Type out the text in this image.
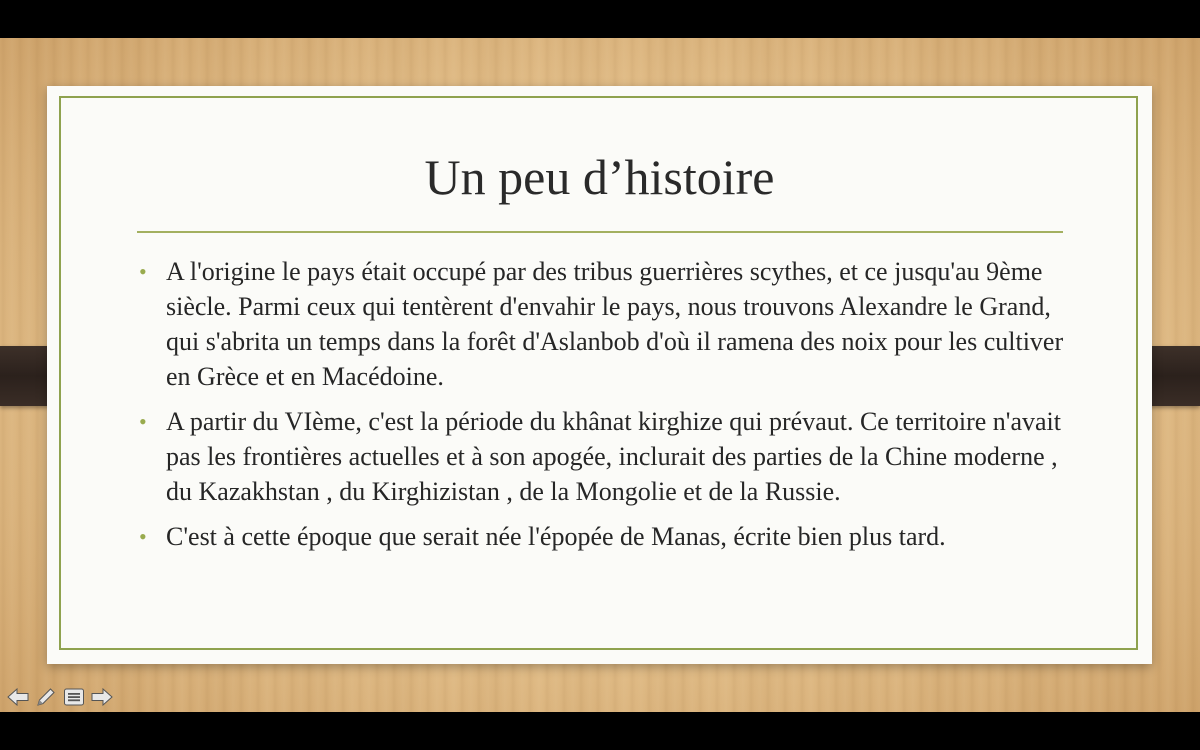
Un peu d’histoire
• A l'origine le pays était occupé par des tribus guerrières scythes, et ce jusqu'au 9ème siècle. Parmi ceux qui tentèrent d'envahir le pays, nous trouvons Alexandre le Grand, qui s'abrita un temps dans la forêt d'Aslanbob d'où il ramena des noix pour les cultiver en Grèce et en Macédoine.
• A partir du VIème, c'est la période du khânat kirghize qui prévaut. Ce territoire n'avait pas les frontières actuelles et à son apogée, inclurait des parties de la Chine moderne , du Kazakhstan , du Kirghizistan , de la Mongolie et de la Russie.
• C'est à cette époque que serait née l'épopée de Manas, écrite bien plus tard.
